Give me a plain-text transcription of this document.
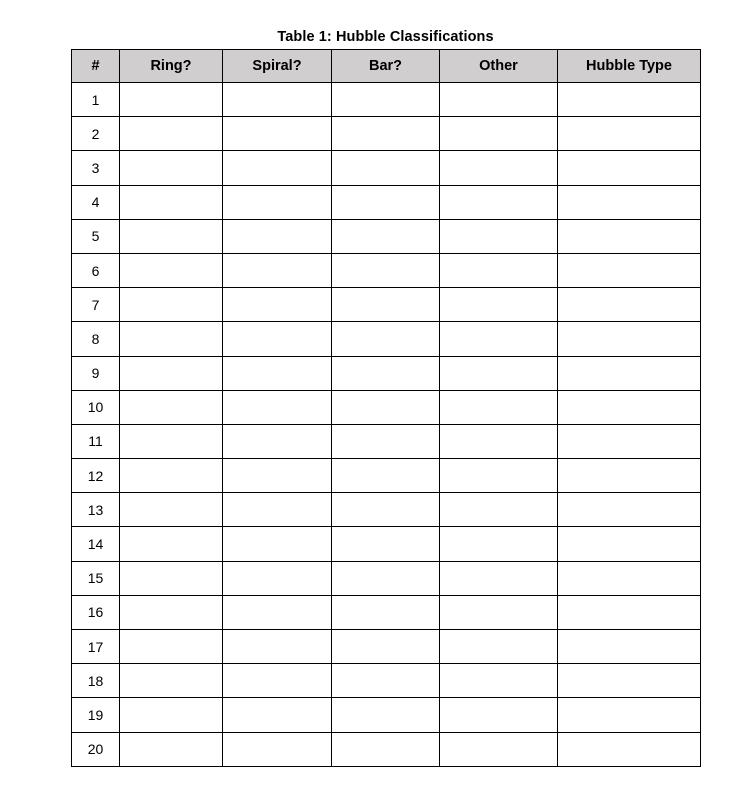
Table 1: Hubble Classifications
#	Ring?	Spiral?	Bar?	Other	Hubble Type
1					
2					
3					
4					
5					
6					
7					
8					
9					
10					
11					
12					
13					
14					
15					
16					
17					
18					
19					
20					
